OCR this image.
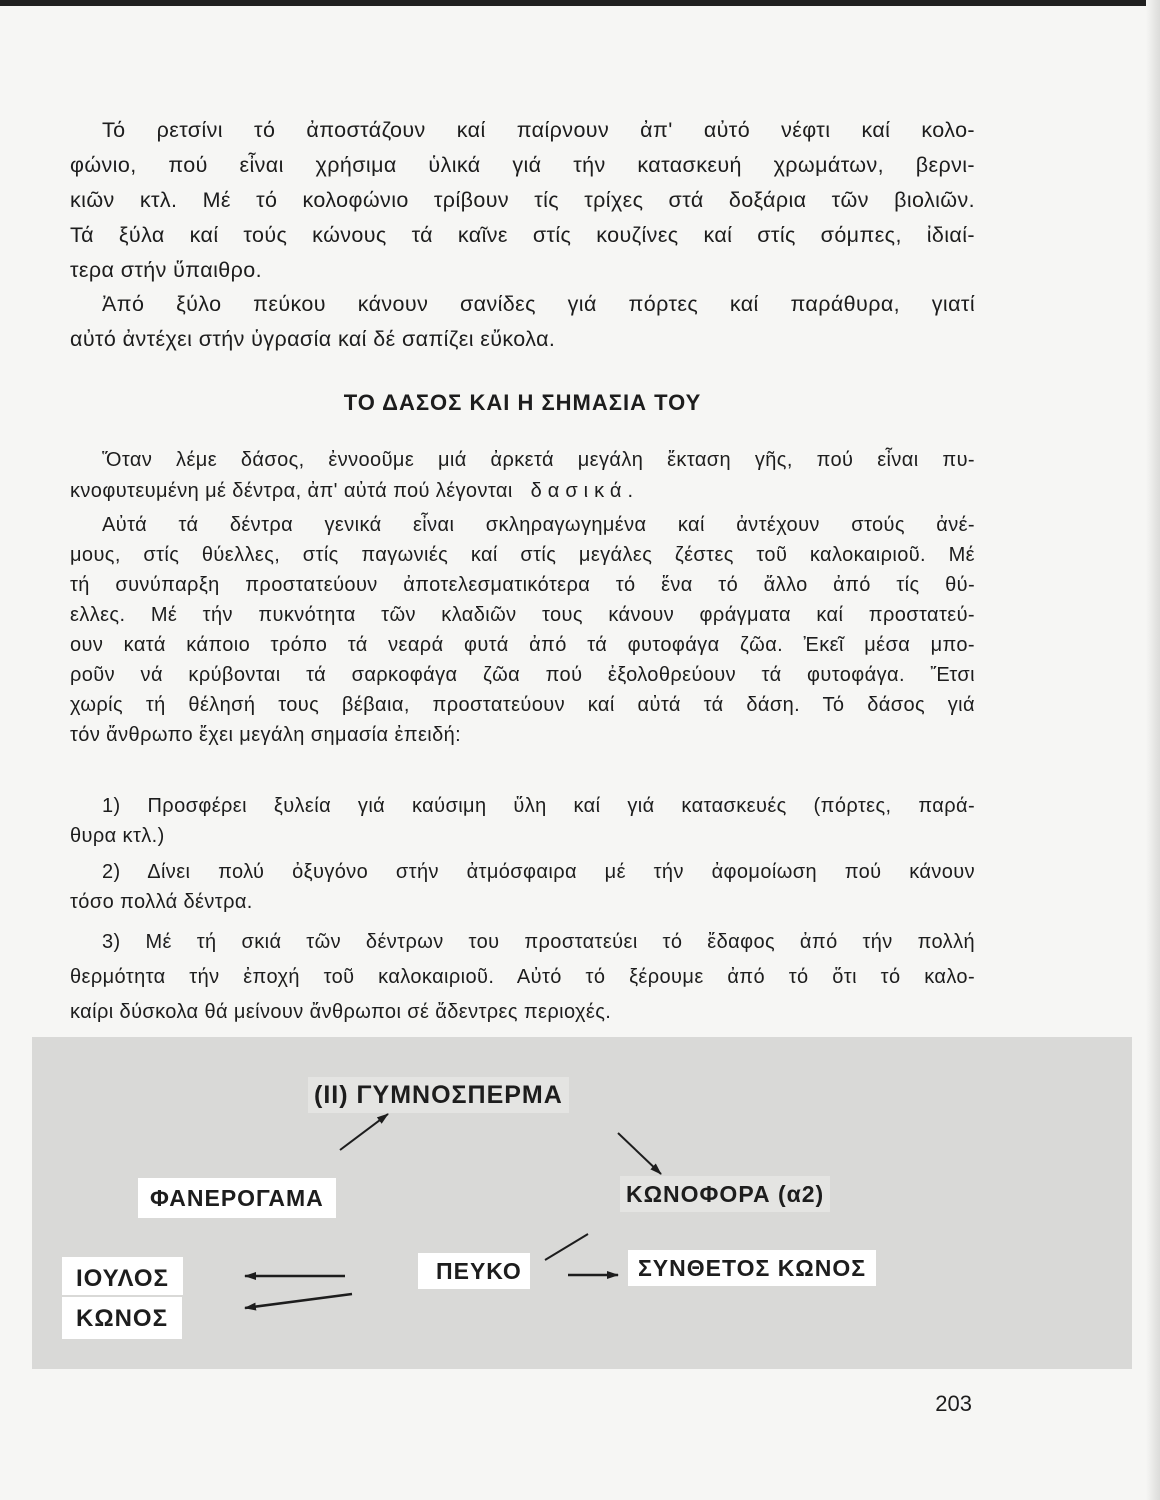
Τό ρετσίνι τό ἀποστάζουν καί παίρνουν ἀπ' αὐτό νέφτι καί κολο-
φώνιο, πού εἶναι χρήσιμα ὑλικά γιά τήν κατασκευή χρωμάτων, βερνι-
κιῶν κτλ. Μέ τό κολοφώνιο τρίβουν τίς τρίχες στά δοξάρια τῶν βιολιῶν.
Τά ξύλα καί τούς κώνους τά καῖνε στίς κουζίνες καί στίς σόμπες, ἰδιαί-
τερα στήν ὕπαιθρο.
Ἀπό ξύλο πεύκου κάνουν σανίδες γιά πόρτες καί παράθυρα, γιατί
αὐτό ἀντέχει στήν ὑγρασία καί δέ σαπίζει εὔκολα.
ΤΟ ΔΑΣΟΣ ΚΑΙ Η ΣΗΜΑΣΙΑ ΤΟΥ
Ὅταν λέμε δάσος, ἐννοοῦμε μιά ἀρκετά μεγάλη ἔκταση γῆς, πού εἶναι πυ-
κνοφυτευμένη μέ δέντρα, ἀπ' αὐτά πού λέγονται δασικά.
Αὐτά τά δέντρα γενικά εἶναι σκληραγωγημένα καί ἀντέχουν στούς ἀνέ-
μους, στίς θύελλες, στίς παγωνιές καί στίς μεγάλες ζέστες τοῦ καλοκαιριοῦ. Μέ
τή συνύπαρξη προστατεύουν ἀποτελεσματικότερα τό ἕνα τό ἄλλο ἀπό τίς θύ-
ελλες. Μέ τήν πυκνότητα τῶν κλαδιῶν τους κάνουν φράγματα καί προστατεύ-
ουν κατά κάποιο τρόπο τά νεαρά φυτά ἀπό τά φυτοφάγα ζῶα. Ἐκεῖ μέσα μπο-
ροῦν νά κρύβονται τά σαρκοφάγα ζῶα πού ἐξολοθρεύουν τά φυτοφάγα. Ἔτσι
χωρίς τή θέλησή τους βέβαια, προστατεύουν καί αὐτά τά δάση. Τό δάσος γιά
τόν ἄνθρωπο ἔχει μεγάλη σημασία ἐπειδή:
1) Προσφέρει ξυλεία γιά καύσιμη ὕλη καί γιά κατασκευές (πόρτες, παρά-
θυρα κτλ.)
2) Δίνει πολύ ὀξυγόνο στήν ἀτμόσφαιρα μέ τήν ἀφομοίωση πού κάνουν
τόσο πολλά δέντρα.
3) Μέ τή σκιά τῶν δέντρων του προστατεύει τό ἔδαφος ἀπό τήν πολλή
θερμότητα τήν ἐποχή τοῦ καλοκαιριοῦ. Αὐτό τό ξέρουμε ἀπό τό ὅτι τό καλο-
καίρι δύσκολα θά μείνουν ἄνθρωποι σέ ἄδεντρες περιοχές.
(II) ΓΥΜΝΟΣΠΕΡΜΑ
ΦΑΝΕΡΟΓΑΜΑ	ΚΩΝΟΦΟΡΑ (α2)
ΠΕΥΚΟ	ΣΥΝΘΕΤΟΣ ΚΩΝΟΣ
ΙΟΥΛΟΣ
ΚΩΝΟΣ
203
